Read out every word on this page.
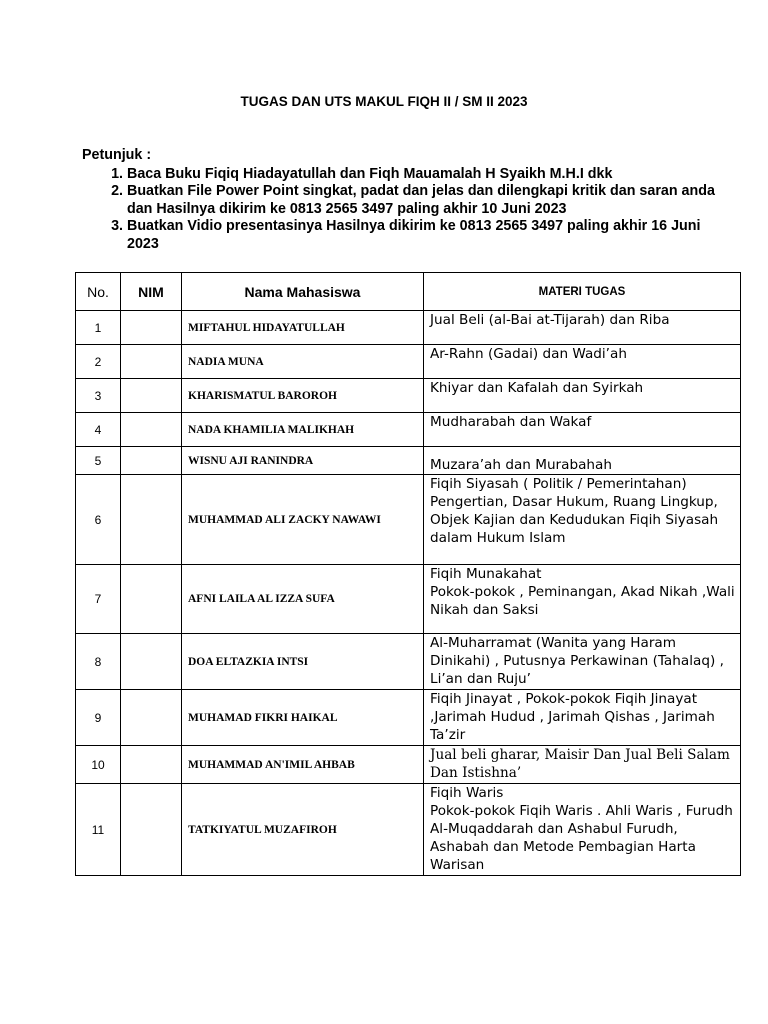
TUGAS DAN UTS MAKUL FIQH II / SM II 2023
Petunjuk :
1. Baca Buku Fiqiq Hiadayatullah dan Fiqh Mauamalah H Syaikh M.H.I dkk
2. Buatkan File Power Point singkat, padat dan jelas dan dilengkapi kritik dan saran anda dan Hasilnya dikirim ke 0813 2565 3497 paling akhir 10 Juni 2023
3. Buatkan Vidio presentasinya Hasilnya dikirim ke 0813 2565 3497 paling akhir 16 Juni 2023
No.	NIM	Nama Mahasiswa	MATERI TUGAS
1		MIFTAHUL HIDAYATULLAH	Jual Beli (al-Bai at-Tijarah) dan Riba
2		NADIA MUNA	Ar-Rahn (Gadai) dan Wadi’ah
3		KHARISMATUL BAROROH	Khiyar dan Kafalah dan Syirkah
4		NADA KHAMILIA MALIKHAH	Mudharabah dan Wakaf
5		WISNU AJI RANINDRA	Muzara’ah dan Murabahah
6		MUHAMMAD ALI ZACKY NAWAWI	Fiqih Siyasah ( Politik / Pemerintahan)
Pengertian, Dasar Hukum, Ruang Lingkup, Objek Kajian dan Kedudukan Fiqih Siyasah dalam Hukum Islam
7		AFNI LAILA AL IZZA SUFA	Fiqih Munakahat
Pokok-pokok , Peminangan, Akad Nikah ,Wali Nikah dan Saksi
8		DOA ELTAZKIA INTSI	Al-Muharramat (Wanita yang Haram Dinikahi) , Putusnya Perkawinan (Tahalaq) , Li’an dan Ruju’
9		MUHAMAD FIKRI HAIKAL	Fiqih Jinayat , Pokok-pokok Fiqih Jinayat ,Jarimah Hudud , Jarimah Qishas , Jarimah Ta’zir
10		MUHAMMAD AN'IMIL AHBAB	Jual beli gharar, Maisir Dan Jual Beli Salam Dan Istishna’
11		TATKIYATUL MUZAFIROH	Fiqih Waris
Pokok-pokok Fiqih Waris . Ahli Waris , Furudh Al-Muqaddarah dan Ashabul Furudh, Ashabah dan Metode Pembagian Harta Warisan
